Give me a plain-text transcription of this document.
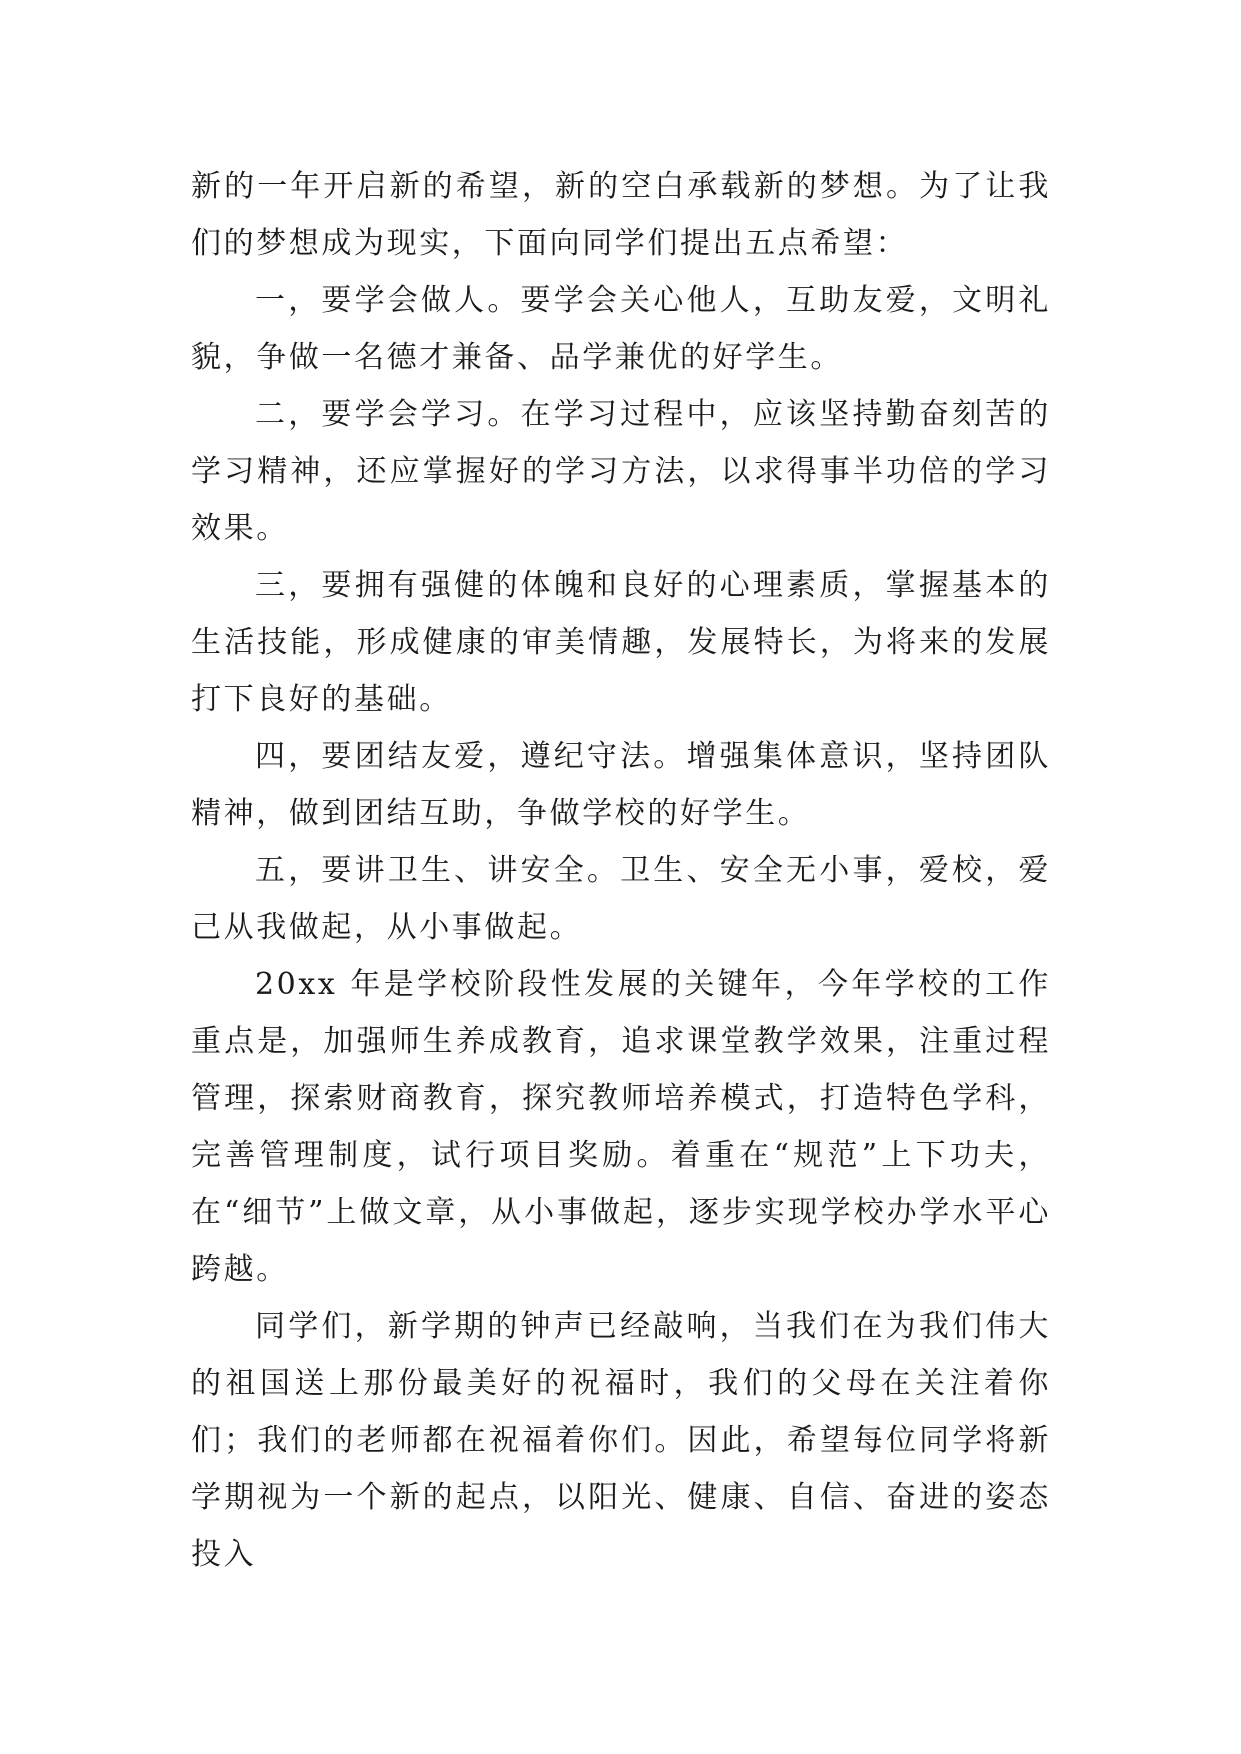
新的一年开启新的希望，新的空白承载新的梦想。为了让我们的梦想成为现实，下面向同学们提出五点希望：

一，要学会做人。要学会关心他人，互助友爱，文明礼貌，争做一名德才兼备、品学兼优的好学生。

二，要学会学习。在学习过程中，应该坚持勤奋刻苦的学习精神，还应掌握好的学习方法，以求得事半功倍的学习效果。

三，要拥有强健的体魄和良好的心理素质，掌握基本的生活技能，形成健康的审美情趣，发展特长，为将来的发展打下良好的基础。

四，要团结友爱，遵纪守法。增强集体意识，坚持团队精神，做到团结互助，争做学校的好学生。

五，要讲卫生、讲安全。卫生、安全无小事，爱校，爱己从我做起，从小事做起。

20xx 年是学校阶段性发展的关键年，今年学校的工作重点是，加强师生养成教育，追求课堂教学效果，注重过程管理，探索财商教育，探究教师培养模式，打造特色学科，完善管理制度，试行项目奖励。着重在“规范”上下功夫，在“细节”上做文章，从小事做起，逐步实现学校办学水平心跨越。

同学们，新学期的钟声已经敲响，当我们在为我们伟大的祖国送上那份最美好的祝福时，我们的父母在关注着你们；我们的老师都在祝福着你们。因此，希望每位同学将新学期视为一个新的起点，以阳光、健康、自信、奋进的姿态投入
